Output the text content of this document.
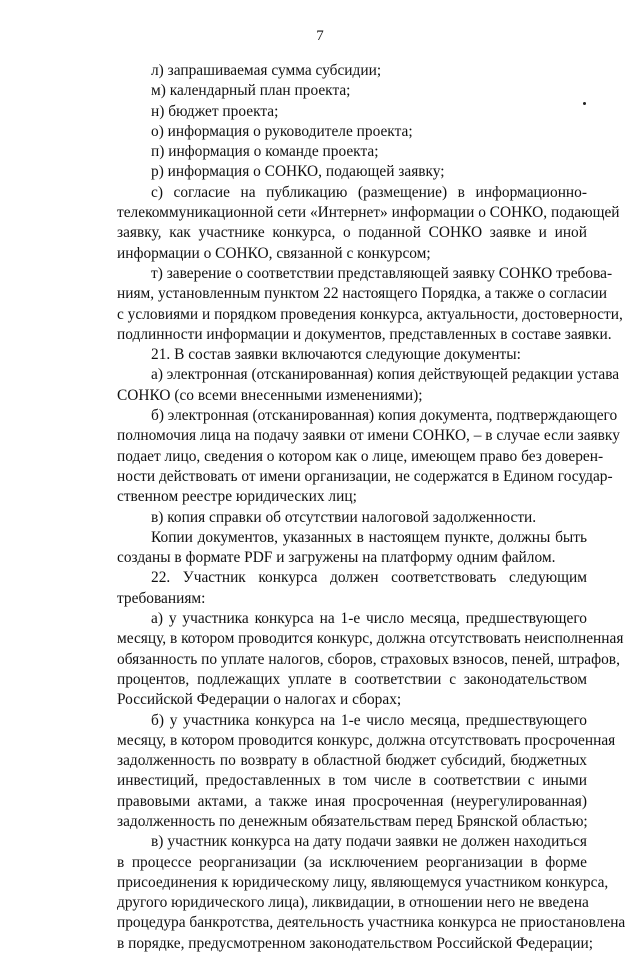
7
л) запрашиваемая сумма субсидии;
м) календарный план проекта;
н) бюджет проекта;
о) информация о руководителе проекта;
п) информация о команде проекта;
р) информация о СОНКО, подающей заявку;
с) согласие на публикацию (размещение) в информационно-
телекоммуникационной сети «Интернет» информации о СОНКО, подающей
заявку, как участнике конкурса, о поданной СОНКО заявке и иной
информации о СОНКО, связанной с конкурсом;
т) заверение о соответствии представляющей заявку СОНКО требова-
ниям, установленным пунктом 22 настоящего Порядка, а также о согласии
с условиями и порядком проведения конкурса, актуальности, достоверности,
подлинности информации и документов, представленных в составе заявки.
21. В состав заявки включаются следующие документы:
а) электронная (отсканированная) копия действующей редакции устава
СОНКО (со всеми внесенными изменениями);
б) электронная (отсканированная) копия документа, подтверждающего
полномочия лица на подачу заявки от имени СОНКО, – в случае если заявку
подает лицо, сведения о котором как о лице, имеющем право без доверен-
ности действовать от имени организации, не содержатся в Едином государ-
ственном реестре юридических лиц;
в) копия справки об отсутствии налоговой задолженности.
Копии документов, указанных в настоящем пункте, должны быть
созданы в формате PDF и загружены на платформу одним файлом.
22. Участник конкурса должен соответствовать следующим
требованиям:
а) у участника конкурса на 1-е число месяца, предшествующего
месяцу, в котором проводится конкурс, должна отсутствовать неисполненная
обязанность по уплате налогов, сборов, страховых взносов, пеней, штрафов,
процентов, подлежащих уплате в соответствии с законодательством
Российской Федерации о налогах и сборах;
б) у участника конкурса на 1-е число месяца, предшествующего
месяцу, в котором проводится конкурс, должна отсутствовать просроченная
задолженность по возврату в областной бюджет субсидий, бюджетных
инвестиций, предоставленных в том числе в соответствии с иными
правовыми актами, а также иная просроченная (неурегулированная)
задолженность по денежным обязательствам перед Брянской областью;
в) участник конкурса на дату подачи заявки не должен находиться
в процессе реорганизации (за исключением реорганизации в форме
присоединения к юридическому лицу, являющемуся участником конкурса,
другого юридического лица), ликвидации, в отношении него не введена
процедура банкротства, деятельность участника конкурса не приостановлена
в порядке, предусмотренном законодательством Российской Федерации;
